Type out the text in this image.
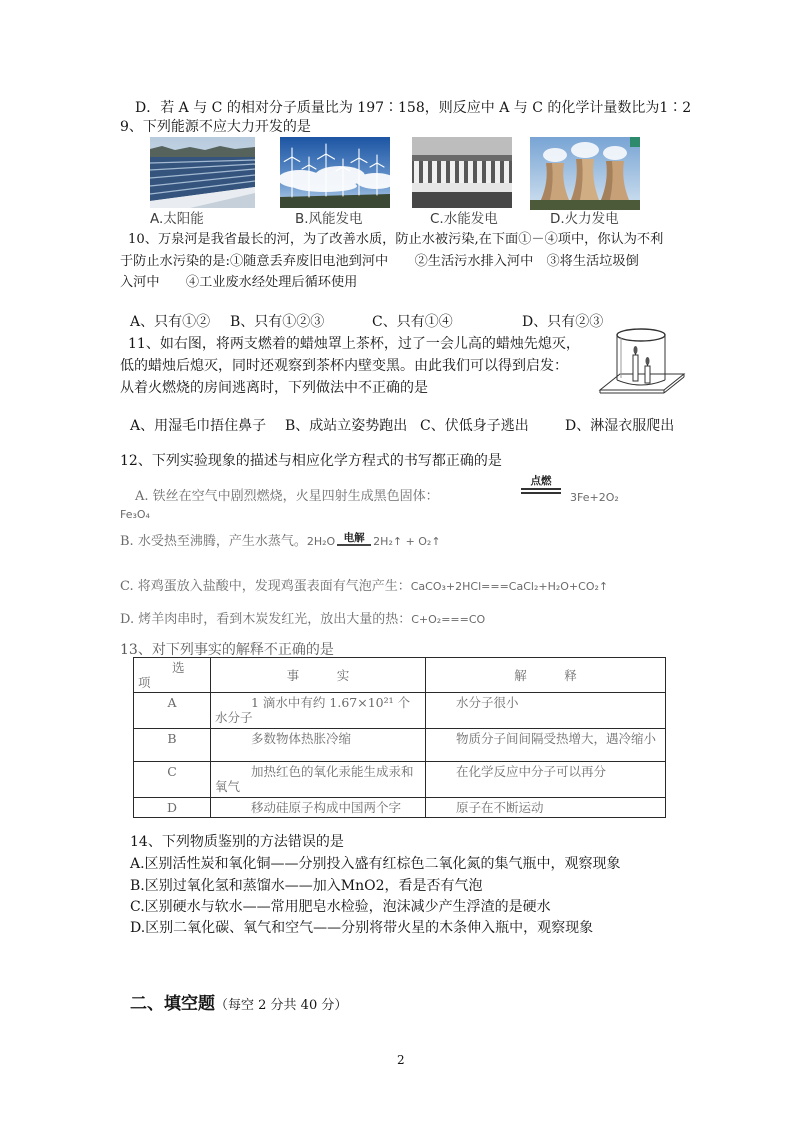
D．若 A 与 C 的相对分子质量比为 197∶158，则反应中 A 与 C 的化学计量数比为1∶2
9、下列能源不应大力开发的是
A.太阳能	B.风能发电	C.水能发电	D.火力发电
10、万泉河是我省最长的河，为了改善水质，防止水被污染,在下面①－④项中，你认为不利
于防止水污染的是:①随意丢弃废旧电池到河中　　②生活污水排入河中　③将生活垃圾倒
入河中　　④工业废水经处理后循环使用
A、只有①② B、只有①②③	C、只有①④	D、只有②③
11、如右图，将两支燃着的蜡烛罩上茶杯，过了一会儿高的蜡烛先熄灭，
低的蜡烛后熄灭，同时还观察到茶杯内壁变黑。由此我们可以得到启发：
从着火燃烧的房间逃离时，下列做法中不正确的是
A、用湿毛巾捂住鼻子 B、成站立姿势跑出 C、伏低身子逃出	D、淋湿衣服爬出
12、下列实验现象的描述与相应化学方程式的书写都正确的是
A. 铁丝在空气中剧烈燃烧，火星四射生成黑色固体：
点燃
3Fe+2O₂
Fe₃O₄
B. 水受热至沸腾，产生水蒸气。 2H₂O 电解 2H₂↑ + O₂↑
C. 将鸡蛋放入盐酸中，发现鸡蛋表面有气泡产生： CaCO₃+2HCl===CaCl₂+H₂O+CO₂↑
D. 烤羊肉串时，看到木炭发红光，放出大量的热： C+O₂===CO
13、对下列事实的解释不正确的是
选项	事　　　实	解　　　释
A	1 滴水中有约 1.67×10²¹ 个水分子	水分子很小
B	多数物体热胀冷缩	物质分子间间隔受热增大，遇冷缩小
C	加热红色的氧化汞能生成汞和氧气	在化学反应中分子可以再分
D	移动硅原子构成中国两个字	原子在不断运动
14、下列物质鉴别的方法错误的是
A.区别活性炭和氧化铜——分别投入盛有红棕色二氧化氮的集气瓶中，观察现象
B.区别过氧化氢和蒸馏水——加入MnO2，看是否有气泡
C.区别硬水与软水——常用肥皂水检验，泡沫减少产生浮渣的是硬水
D.区别二氧化碳、氧气和空气——分别将带火星的木条伸入瓶中，观察现象
二、填空题（每空 2 分共 40 分）
2
